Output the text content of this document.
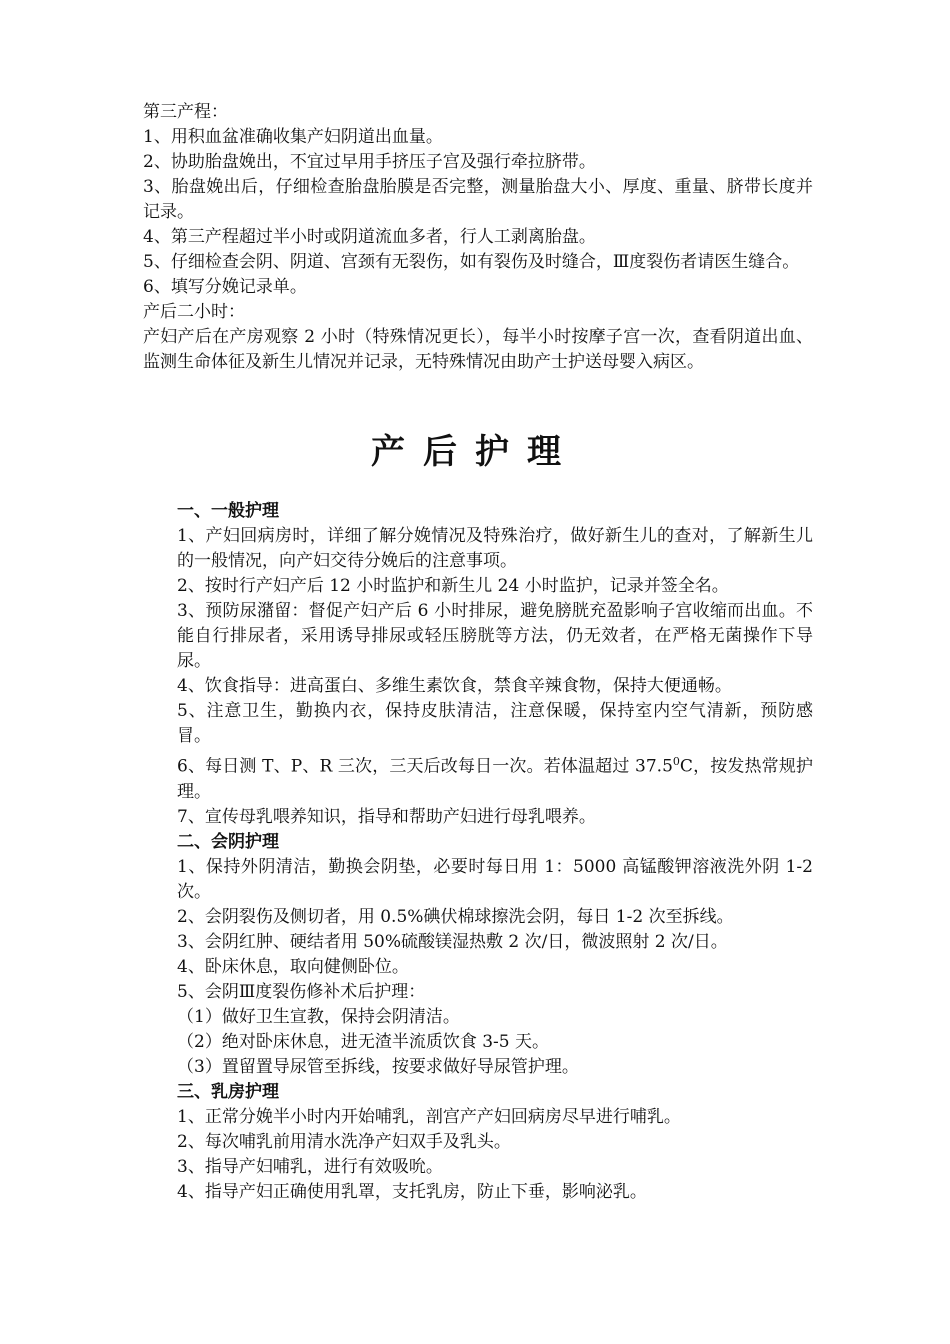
第三产程：
1、用积血盆准确收集产妇阴道出血量。
2、协助胎盘娩出，不宜过早用手挤压子宫及强行牵拉脐带。
3、胎盘娩出后，仔细检查胎盘胎膜是否完整，测量胎盘大小、厚度、重量、脐带长度并记录。
4、第三产程超过半小时或阴道流血多者，行人工剥离胎盘。
5、仔细检查会阴、阴道、宫颈有无裂伤，如有裂伤及时缝合，Ⅲ度裂伤者请医生缝合。
6、填写分娩记录单。
产后二小时：
产妇产后在产房观察 2 小时（特殊情况更长），每半小时按摩子宫一次，查看阴道出血、监测生命体征及新生儿情况并记录，无特殊情况由助产士护送母婴入病区。
产后护理
一、一般护理
1、产妇回病房时，详细了解分娩情况及特殊治疗，做好新生儿的查对，了解新生儿的一般情况，向产妇交待分娩后的注意事项。
2、按时行产妇产后 12 小时监护和新生儿 24 小时监护，记录并签全名。
3、预防尿潴留：督促产妇产后 6 小时排尿，避免膀胱充盈影响子宫收缩而出血。不能自行排尿者，采用诱导排尿或轻压膀胱等方法，仍无效者，在严格无菌操作下导尿。
4、饮食指导：进高蛋白、多维生素饮食，禁食辛辣食物，保持大便通畅。
5、注意卫生，勤换内衣，保持皮肤清洁，注意保暖，保持室内空气清新，预防感冒。
6、每日测 T、P、R 三次，三天后改每日一次。若体温超过 37.5$^0$C，按发热常规护理。
7、宣传母乳喂养知识，指导和帮助产妇进行母乳喂养。
二、会阴护理
1、保持外阴清洁，勤换会阴垫，必要时每日用 1：5000 高锰酸钾溶液洗外阴 1-2 次。
2、会阴裂伤及侧切者，用 0.5%碘伏棉球擦洗会阴，每日 1-2 次至拆线。
3、会阴红肿、硬结者用 50%硫酸镁湿热敷 2 次/日，微波照射 2 次/日。
4、卧床休息，取向健侧卧位。
5、会阴Ⅲ度裂伤修补术后护理：
（1）做好卫生宣教，保持会阴清洁。
（2）绝对卧床休息，进无渣半流质饮食 3-5 天。
（3）置留置导尿管至拆线，按要求做好导尿管护理。
三、乳房护理
1、正常分娩半小时内开始哺乳，剖宫产产妇回病房尽早进行哺乳。
2、每次哺乳前用清水洗净产妇双手及乳头。
3、指导产妇哺乳，进行有效吸吮。
4、指导产妇正确使用乳罩，支托乳房，防止下垂，影响泌乳。
